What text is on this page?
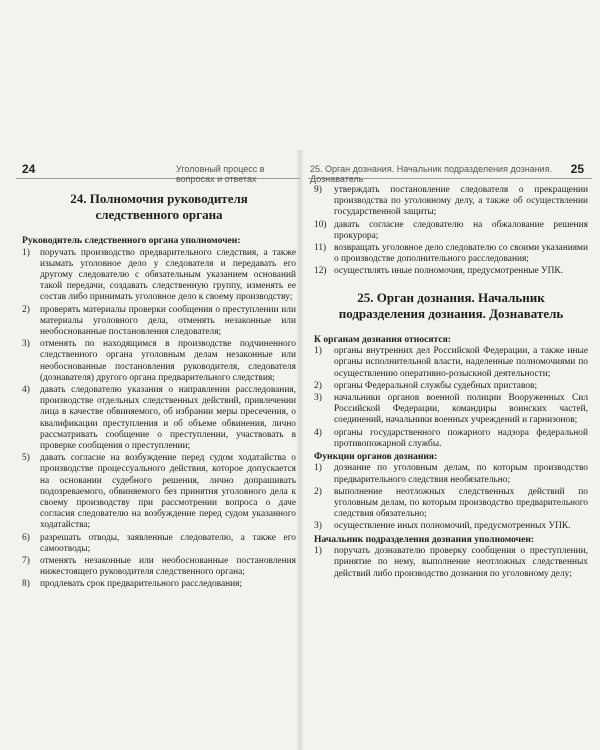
24	Уголовный процесс в вопросах и ответах
24. Полномочия руководителя
следственного органа

Руководитель следственного органа уполномочен:

1) поручать производство предварительного следствия, а также изымать уголовное дело у следователя и передавать его другому следователю с обязательным указанием оснований такой передачи, создавать следственную группу, изменять ее состав либо принимать уголовное дело к своему производству;
2) проверять материалы проверки сообщения о преступлении или материалы уголовного дела, отменять незаконные или необоснованные постановления следователя;
3) отменять по находящимся в производстве подчиненного следственного органа уголовным делам незаконные или необоснованные постановления руководителя, следователя (дознавателя) другого органа предварительного следствия;
4) давать следователю указания о направлении расследования, производстве отдельных следственных действий, привлечении лица в качестве обвиняемого, об избрании меры пресечения, о квалификации преступления и об объеме обвинения, лично рассматривать сообщение о преступлении, участвовать в проверке сообщения о преступлении;
5) давать согласие на возбуждение перед судом ходатайства о производстве процессуального действия, которое допускается на основании судебного решения, лично допрашивать подозреваемого, обвиняемого без принятия уголовного дела к своему производству при рассмотрении вопроса о даче согласия следователю на возбуждение перед судом указанного ходатайства;
6) разрешать отводы, заявленные следователю, а также его самоотводы;
7) отменять незаконные или необоснованные постановления нижестоящего руководителя следственного органа;
8) продлевать срок предварительного расследования;
25. Орган дознания. Начальник подразделения дознания. Дознаватель
25
9) утверждать постановление следователя о прекращении производства по уголовному делу, а также об осуществлении государственной защиты;
10) давать согласие следователю на обжалование решения прокурора;
11) возвращать уголовное дело следователю со своими указаниями о производстве дополнительного расследования;
12) осуществлять иные полномочия, предусмотренные УПК.
25. Орган дознания. Начальник
подразделения дознания. Дознаватель

К органам дознания относятся:

1) органы внутренних дел Российской Федерации, а также иные органы исполнительной власти, наделенные полномочиями по осуществлению оперативно-розыскной деятельности;
2) органы Федеральной службы судебных приставов;
3) начальники органов военной полиции Вооруженных Сил Российской Федерации, командиры воинских частей, соединений, начальники военных учреждений и гарнизонов;
4) органы государственного пожарного надзора федеральной противопожарной службы.

Функции органов дознания:

1) дознание по уголовным делам, по которым производство предварительного следствия необязательно;
2) выполнение неотложных следственных действий по уголовным делам, по которым производство предварительного следствия обязательно;
3) осуществление иных полномочий, предусмотренных УПК.

Начальник подразделения дознания уполномочен:

1) поручать дознавателю проверку сообщения о преступлении, принятие по нему, выполнение неотложных следственных действий либо производство дознания по уголовному делу;
